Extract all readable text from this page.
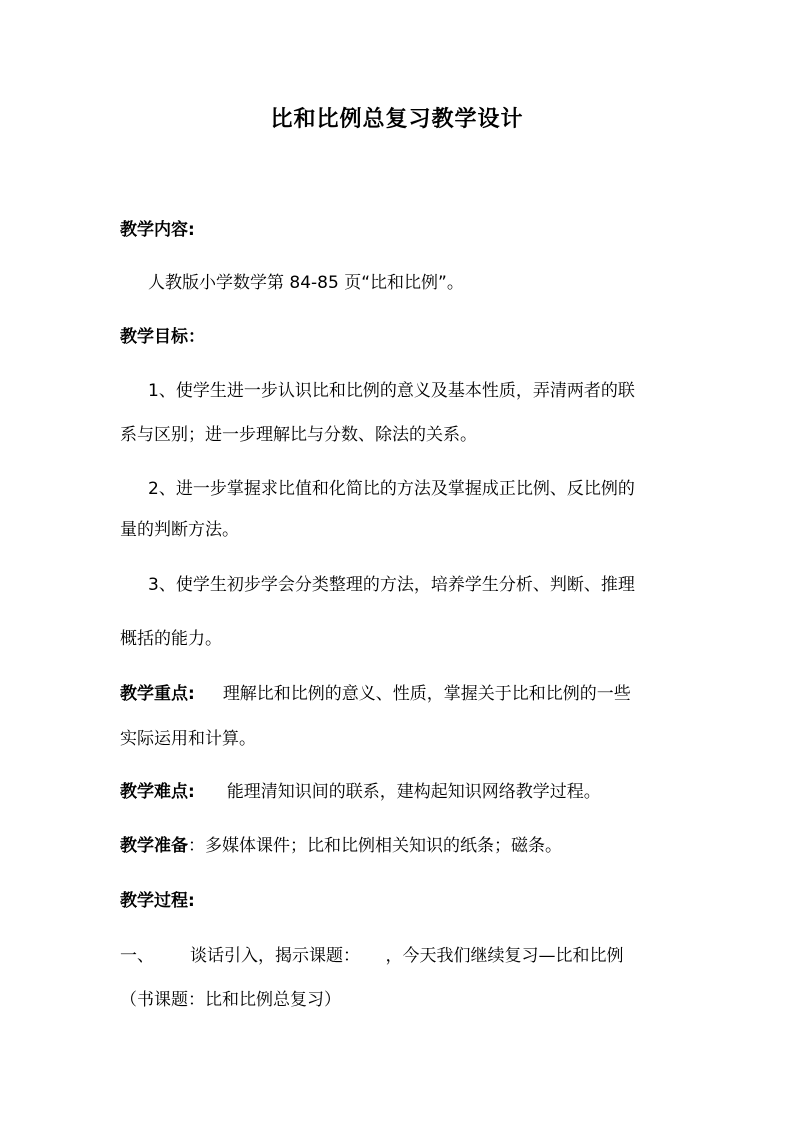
比和比例总复习教学设计
教学内容:
人教版小学数学第 84-85 页“比和比例”。
教学目标：
1、使学生进一步认识比和比例的意义及基本性质，弄清两者的联
系与区别；进一步理解比与分数、除法的关系。
2、进一步掌握求比值和化简比的方法及掌握成正比例、反比例的
量的判断方法。
3、使学生初步学会分类整理的方法，培养学生分析、判断、推理
概括的能力。
教学重点: 理解比和比例的意义、性质，掌握关于比和比例的一些
实际运用和计算。
教学难点: 能理清知识间的联系，建构起知识网络教学过程。
教学准备：多媒体课件；比和比例相关知识的纸条；磁条。
教学过程:
一、 谈话引入，揭示课题：　　，今天我们继续复习—比和比例
（书课题：比和比例总复习）
